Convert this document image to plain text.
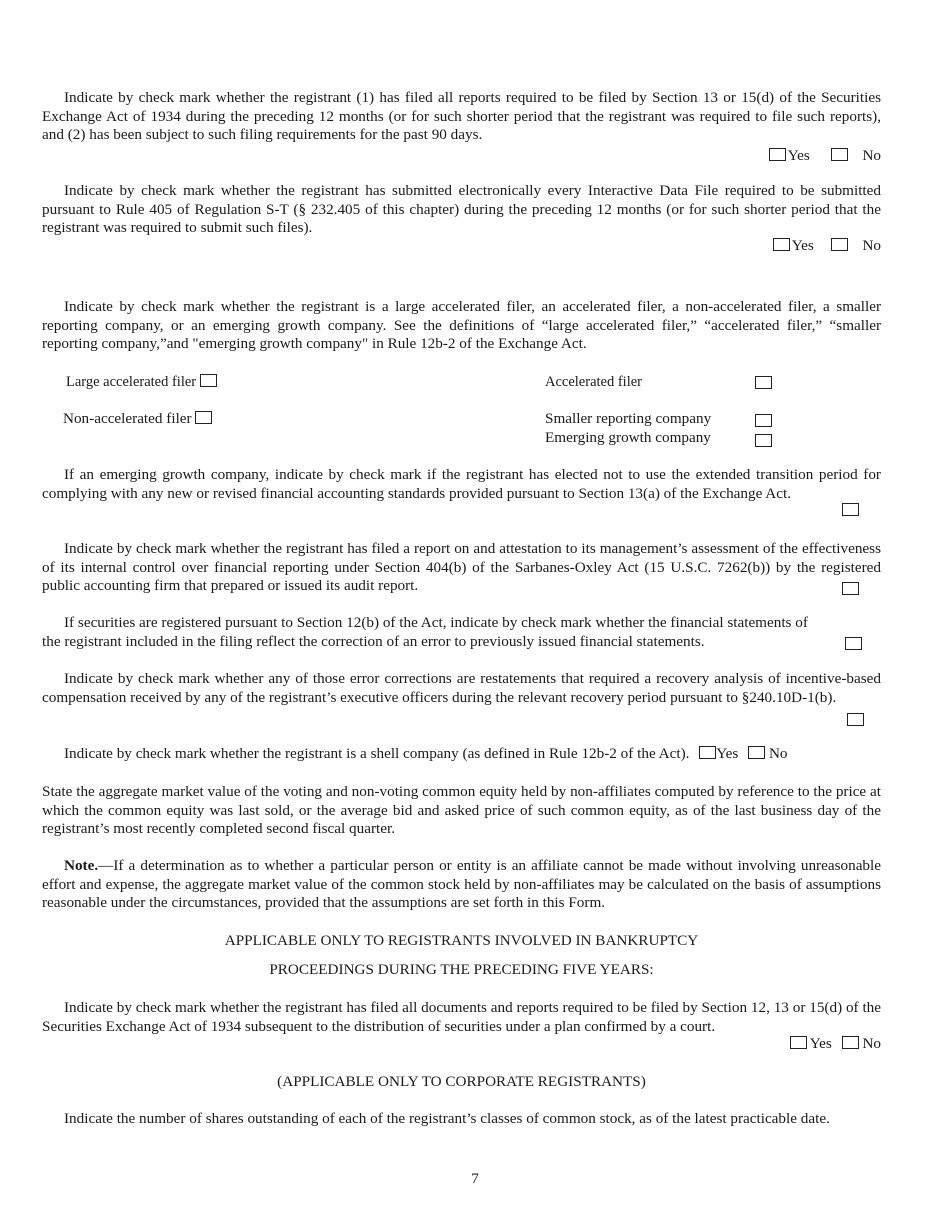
Indicate by check mark whether the registrant (1) has filed all reports required to be filed by Section 13 or 15(d) of the Securities Exchange Act of 1934 during the preceding 12 months (or for such shorter period that the registrant was required to file such reports), and (2) has been subject to such filing requirements for the past 90 days.

Yes	No

Indicate by check mark whether the registrant has submitted electronically every Interactive Data File required to be submitted pursuant to Rule 405 of Regulation S-T (§ 232.405 of this chapter) during the preceding 12 months (or for such shorter period that the registrant was required to submit such files).

Yes	No

Indicate by check mark whether the registrant is a large accelerated filer, an accelerated filer, a non-accelerated filer, a smaller reporting company, or an emerging growth company. See the definitions of “large accelerated filer,” “accelerated filer,” “smaller reporting company,”and "emerging growth company" in Rule 12b-2 of the Exchange Act.

Large accelerated filer	Accelerated filer
Non-accelerated filer	Smaller reporting company
Emerging growth company

If an emerging growth company, indicate by check mark if the registrant has elected not to use the extended transition period for complying with any new or revised financial accounting standards provided pursuant to Section 13(a) of the Exchange Act.

Indicate by check mark whether the registrant has filed a report on and attestation to its management’s assessment of the effectiveness of its internal control over financial reporting under Section 404(b) of the Sarbanes-Oxley Act (15 U.S.C. 7262(b)) by the registered public accounting firm that prepared or issued its audit report.

If securities are registered pursuant to Section 12(b) of the Act, indicate by check mark whether the financial statements of the registrant included in the filing reflect the correction of an error to previously issued financial statements.

Indicate by check mark whether any of those error corrections are restatements that required a recovery analysis of incentive-based compensation received by any of the registrant’s executive officers during the relevant recovery period pursuant to §240.10D-1(b).

Indicate by check mark whether the registrant is a shell company (as defined in Rule 12b-2 of the Act). Yes No

State the aggregate market value of the voting and non-voting common equity held by non-affiliates computed by reference to the price at which the common equity was last sold, or the average bid and asked price of such common equity, as of the last business day of the registrant’s most recently completed second fiscal quarter.

Note.—If a determination as to whether a particular person or entity is an affiliate cannot be made without involving unreasonable effort and expense, the aggregate market value of the common stock held by non-affiliates may be calculated on the basis of assumptions reasonable under the circumstances, provided that the assumptions are set forth in this Form.

APPLICABLE ONLY TO REGISTRANTS INVOLVED IN BANKRUPTCY
PROCEEDINGS DURING THE PRECEDING FIVE YEARS:

Indicate by check mark whether the registrant has filed all documents and reports required to be filed by Section 12, 13 or 15(d) of the Securities Exchange Act of 1934 subsequent to the distribution of securities under a plan confirmed by a court.

Yes No
(APPLICABLE ONLY TO CORPORATE REGISTRANTS)

Indicate the number of shares outstanding of each of the registrant’s classes of common stock, as of the latest practicable date.

7
